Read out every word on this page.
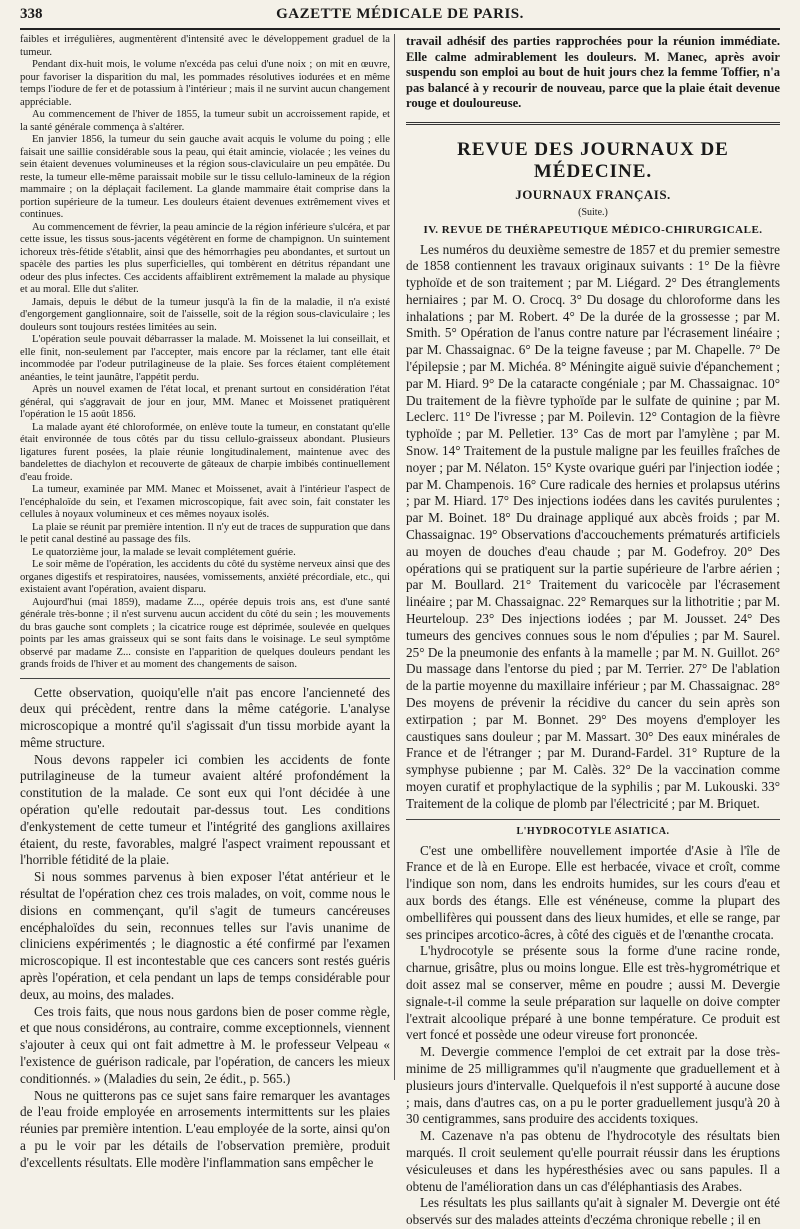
338	GAZETTE MÉDICALE DE PARIS.

faibles et irrégulières, augmentèrent d'intensité avec le développement graduel de la tumeur.

Pendant dix-huit mois, le volume n'excéda pas celui d'une noix ; on mit en œuvre, pour favoriser la disparition du mal, les pommades résolutives iodurées et en même temps l'iodure de fer et de potassium à l'intérieur ; mais il ne survint aucun changement appréciable.

Au commencement de l'hiver de 1855, la tumeur subit un accroissement rapide, et la santé générale commença à s'altérer.

En janvier 1856, la tumeur du sein gauche avait acquis le volume du poing ; elle faisait une saillie considérable sous la peau, qui était amincie, violacée ; les veines du sein étaient devenues volumineuses et la région sous-claviculaire un peu empâtée. Du reste, la tumeur elle-même paraissait mobile sur le tissu cellulo-lamineux de la région mammaire ; on la déplaçait facilement. La glande mammaire était comprise dans la portion supérieure de la tumeur. Les douleurs étaient devenues extrêmement vives et continues.

Au commencement de février, la peau amincie de la région inférieure s'ulcéra, et par cette issue, les tissus sous-jacents végétèrent en forme de champignon. Un suintement ichoreux très-fétide s'établit, ainsi que des hémorrhagies peu abondantes, et surtout un spacèle des parties les plus superficielles, qui tombèrent en détritus répandant une odeur des plus infectes. Ces accidents affaiblirent extrêmement la malade au physique et au moral. Elle dut s'aliter.

Jamais, depuis le début de la tumeur jusqu'à la fin de la maladie, il n'a existé d'engorgement ganglionnaire, soit de l'aisselle, soit de la région sous-claviculaire ; les douleurs sont toujours restées limitées au sein.

L'opération seule pouvait débarrasser la malade. M. Moissenet la lui conseillait, et elle finit, non-seulement par l'accepter, mais encore par la réclamer, tant elle était incommodée par l'odeur putrilagineuse de la plaie. Ses forces étaient complétement anéanties, le teint jaunâtre, l'appétit perdu.

Après un nouvel examen de l'état local, et prenant surtout en considération l'état général, qui s'aggravait de jour en jour, MM. Manec et Moissenet pratiquèrent l'opération le 15 août 1856.

La malade ayant été chloroformée, on enlève toute la tumeur, en constatant qu'elle était environnée de tous côtés par du tissu cellulo-graisseux abondant. Plusieurs ligatures furent posées, la plaie réunie longitudinalement, maintenue avec des bandelettes de diachylon et recouverte de gâteaux de charpie imbibés continuellement d'eau froide.

La tumeur, examinée par MM. Manec et Moissenet, avait à l'intérieur l'aspect de l'encéphaloïde du sein, et l'examen microscopique, fait avec soin, fait constater les cellules à noyaux volumineux et ces mêmes noyaux isolés.

La plaie se réunit par première intention. Il n'y eut de traces de suppuration que dans le petit canal destiné au passage des fils.

Le quatorzième jour, la malade se levait complétement guérie.

Le soir même de l'opération, les accidents du côté du système nerveux ainsi que des organes digestifs et respiratoires, nausées, vomissements, anxiété précordiale, etc., qui existaient avant l'opération, avaient disparu.

Aujourd'hui (mai 1859), madame Z..., opérée depuis trois ans, est d'une santé générale très-bonne ; il n'est survenu aucun accident du côté du sein ; les mouvements du bras gauche sont complets ; la cicatrice rouge est déprimée, soulevée en quelques points par les amas graisseux qui se sont faits dans le voisinage. Le seul symptôme observé par madame Z... consiste en l'apparition de quelques douleurs pendant les grands froids de l'hiver et au moment des changements de saison.

Cette observation, quoiqu'elle n'ait pas encore l'ancienneté des deux qui précèdent, rentre dans la même catégorie. L'analyse microscopique a montré qu'il s'agissait d'un tissu morbide ayant la même structure.

Nous devons rappeler ici combien les accidents de fonte putrilagineuse de la tumeur avaient altéré profondément la constitution de la malade. Ce sont eux qui l'ont décidée à une opération qu'elle redoutait par-dessus tout. Les conditions d'enkystement de cette tumeur et l'intégrité des ganglions axillaires étaient, du reste, favorables, malgré l'aspect vraiment repoussant et l'horrible fétidité de la plaie.

Si nous sommes parvenus à bien exposer l'état antérieur et le résultat de l'opération chez ces trois malades, on voit, comme nous le disions en commençant, qu'il s'agit de tumeurs cancéreuses encéphaloïdes du sein, reconnues telles sur l'avis unanime de cliniciens expérimentés ; le diagnostic a été confirmé par l'examen microscopique. Il est incontestable que ces cancers sont restés guéris après l'opération, et cela pendant un laps de temps considérable pour deux, au moins, des malades.

Ces trois faits, que nous nous gardons bien de poser comme règle, et que nous considérons, au contraire, comme exceptionnels, viennent s'ajouter à ceux qui ont fait admettre à M. le professeur Velpeau « l'existence de guérison radicale, par l'opération, de cancers les mieux conditionnés. » (Maladies du sein, 2e édit., p. 565.)

Nous ne quitterons pas ce sujet sans faire remarquer les avantages de l'eau froide employée en arrosements intermittents sur les plaies réunies par première intention. L'eau employée de la sorte, ainsi qu'on a pu le voir par les détails de l'observation première, produit d'excellents résultats. Elle modère l'inflammation sans empêcher le

travail adhésif des parties rapprochées pour la réunion immédiate. Elle calme admirablement les douleurs. M. Manec, après avoir suspendu son emploi au bout de huit jours chez la femme Toffier, n'a pas balancé à y recourir de nouveau, parce que la plaie était devenue rouge et douloureuse.
REVUE DES JOURNAUX DE MÉDECINE.
JOURNAUX FRANÇAIS.
(Suite.)
IV. REVUE DE THÉRAPEUTIQUE MÉDICO-CHIRURGICALE.

Les numéros du deuxième semestre de 1857 et du premier semestre de 1858 contiennent les travaux originaux suivants : 1° De la fièvre typhoïde et de son traitement ; par M. Liégard. 2° Des étranglements herniaires ; par M. O. Crocq. 3° Du dosage du chloroforme dans les inhalations ; par M. Robert. 4° De la durée de la grossesse ; par M. Smith. 5° Opération de l'anus contre nature par l'écrasement linéaire ; par M. Chassaignac. 6° De la teigne faveuse ; par M. Chapelle. 7° De l'épilepsie ; par M. Michéa. 8° Méningite aiguë suivie d'épanchement ; par M. Hiard. 9° De la cataracte congéniale ; par M. Chassaignac. 10° Du traitement de la fièvre typhoïde par le sulfate de quinine ; par M. Leclerc. 11° De l'ivresse ; par M. Poilevin. 12° Contagion de la fièvre typhoïde ; par M. Pelletier. 13° Cas de mort par l'amylène ; par M. Snow. 14° Traitement de la pustule maligne par les feuilles fraîches de noyer ; par M. Nélaton. 15° Kyste ovarique guéri par l'injection iodée ; par M. Champenois. 16° Cure radicale des hernies et prolapsus utérins ; par M. Hiard. 17° Des injections iodées dans les cavités purulentes ; par M. Boinet. 18° Du drainage appliqué aux abcès froids ; par M. Chassaignac. 19° Observations d'accouchements prématurés artificiels au moyen de douches d'eau chaude ; par M. Godefroy. 20° Des opérations qui se pratiquent sur la partie supérieure de l'arbre aérien ; par M. Boullard. 21° Traitement du varicocèle par l'écrasement linéaire ; par M. Chassaignac. 22° Remarques sur la lithotritie ; par M. Heurteloup. 23° Des injections iodées ; par M. Jousset. 24° Des tumeurs des gencives connues sous le nom d'épulies ; par M. Saurel. 25° De la pneumonie des enfants à la mamelle ; par M. N. Guillot. 26° Du massage dans l'entorse du pied ; par M. Terrier. 27° De l'ablation de la partie moyenne du maxillaire inférieur ; par M. Chassaignac. 28° Des moyens de prévenir la récidive du cancer du sein après son extirpation ; par M. Bonnet. 29° Des moyens d'employer les caustiques sans douleur ; par M. Massart. 30° Des eaux minérales de France et de l'étranger ; par M. Durand-Fardel. 31° Rupture de la symphyse pubienne ; par M. Calès. 32° De la vaccination comme moyen curatif et prophylactique de la syphilis ; par M. Lukouski. 33° Traitement de la colique de plomb par l'électricité ; par M. Briquet.

L'HYDROCOTYLE ASIATICA.

C'est une ombellifère nouvellement importée d'Asie à l'île de France et de là en Europe. Elle est herbacée, vivace et croît, comme l'indique son nom, dans les endroits humides, sur les cours d'eau et aux bords des étangs. Elle est vénéneuse, comme la plupart des ombellifères qui poussent dans des lieux humides, et elle se range, par ses principes arcotico-âcres, à côté des ciguës et de l'œnanthe crocata.

L'hydrocotyle se présente sous la forme d'une racine ronde, charnue, grisâtre, plus ou moins longue. Elle est très-hygrométrique et doit assez mal se conserver, même en poudre ; aussi M. Devergie signale-t-il comme la seule préparation sur laquelle on doive compter l'extrait alcoolique préparé à une bonne température. Ce produit est vert foncé et possède une odeur vireuse fort prononcée.

M. Devergie commence l'emploi de cet extrait par la dose très-minime de 25 milligrammes qu'il n'augmente que graduellement et à plusieurs jours d'intervalle. Quelquefois il n'est supporté à aucune dose ; mais, dans d'autres cas, on a pu le porter graduellement jusqu'à 20 à 30 centigrammes, sans produire des accidents toxiques.

M. Cazenave n'a pas obtenu de l'hydrocotyle des résultats bien marqués. Il croit seulement qu'elle pourrait réussir dans les éruptions vésiculeuses et dans les hypéresthésies avec ou sans papules. Il a obtenu de l'amélioration dans un cas d'éléphantiasis des Arabes.

Les résultats les plus saillants qu'ait à signaler M. Devergie ont été observés sur des malades atteints d'eczéma chronique rebelle ; il en
